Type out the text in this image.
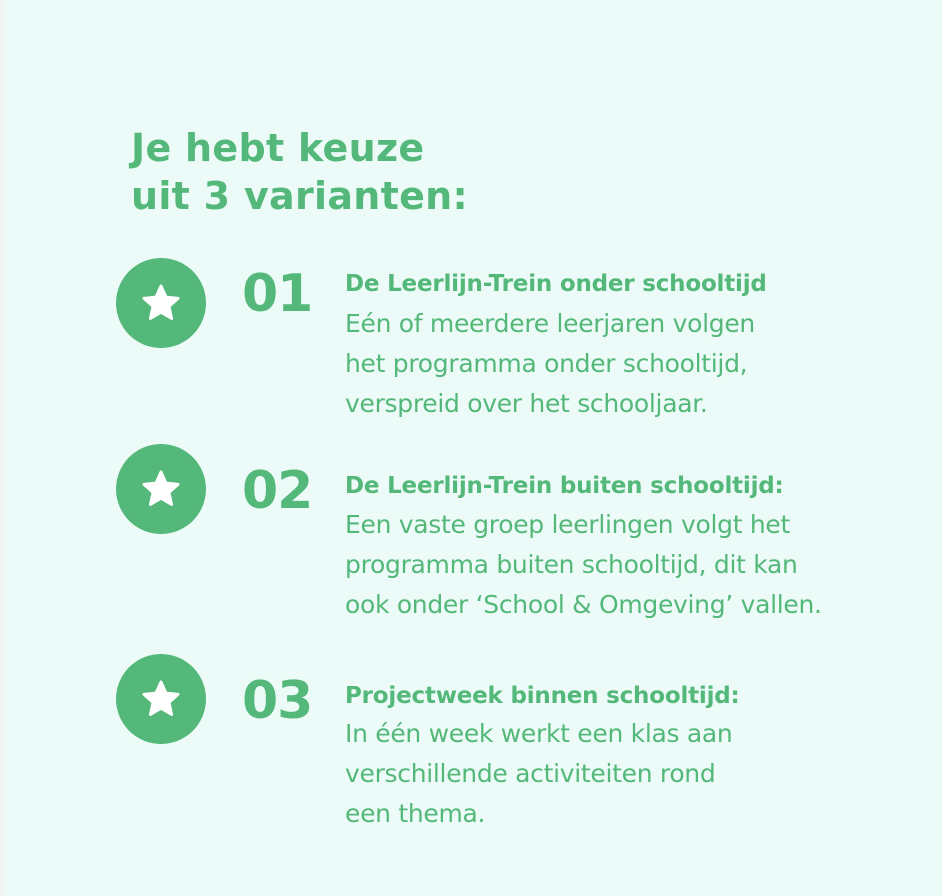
Je hebt keuze
uit 3 varianten:
01 De Leerlijn-Trein onder schooltijd
Eén of meerdere leerjaren volgen
het programma onder schooltijd,
verspreid over het schooljaar.
02 De Leerlijn-Trein buiten schooltijd:
Een vaste groep leerlingen volgt het
programma buiten schooltijd, dit kan
ook onder ‘School & Omgeving’ vallen.
03 Projectweek binnen schooltijd:
In één week werkt een klas aan
verschillende activiteiten rond
een thema.
